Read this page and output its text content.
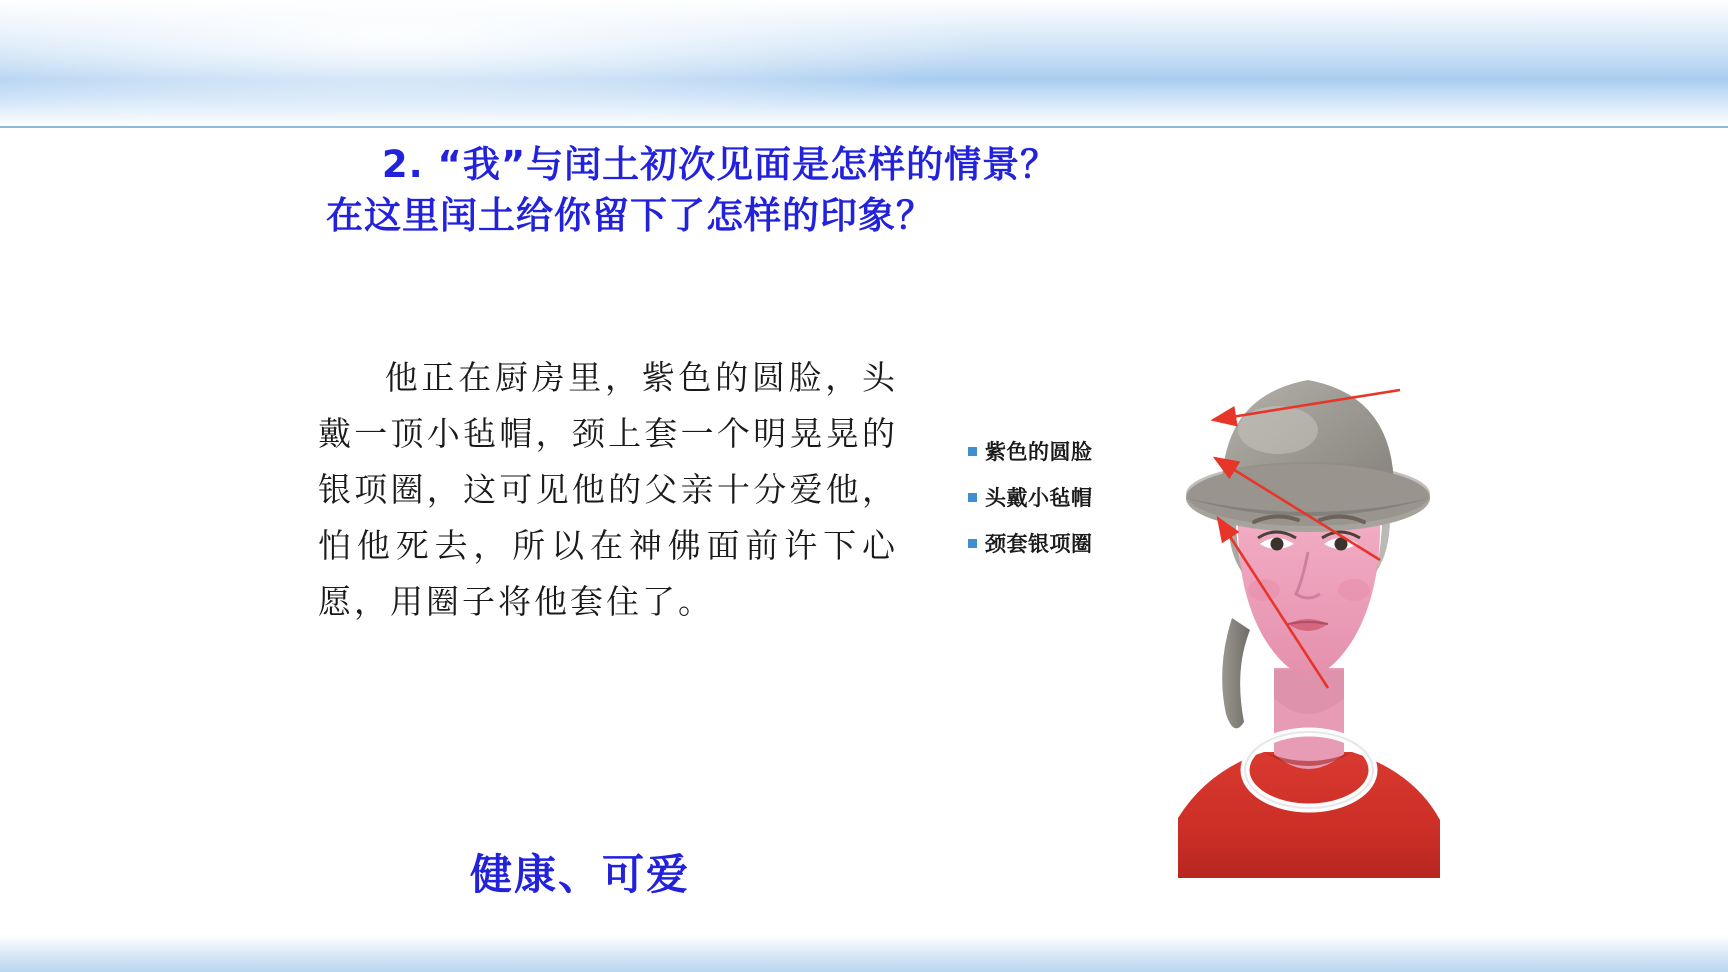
2. “我”与闰土初次见面是怎样的情景？
在这里闰土给你留下了怎样的印象？
他正在厨房里，紫色的圆脸，头戴一顶小毡帽，颈上套一个明晃晃的银项圈，这可见他的父亲十分爱他，怕他死去，所以在神佛面前许下心愿，用圈子将他套住了。
健康、可爱
紫色的圆脸
头戴小毡帽
颈套银项圈
